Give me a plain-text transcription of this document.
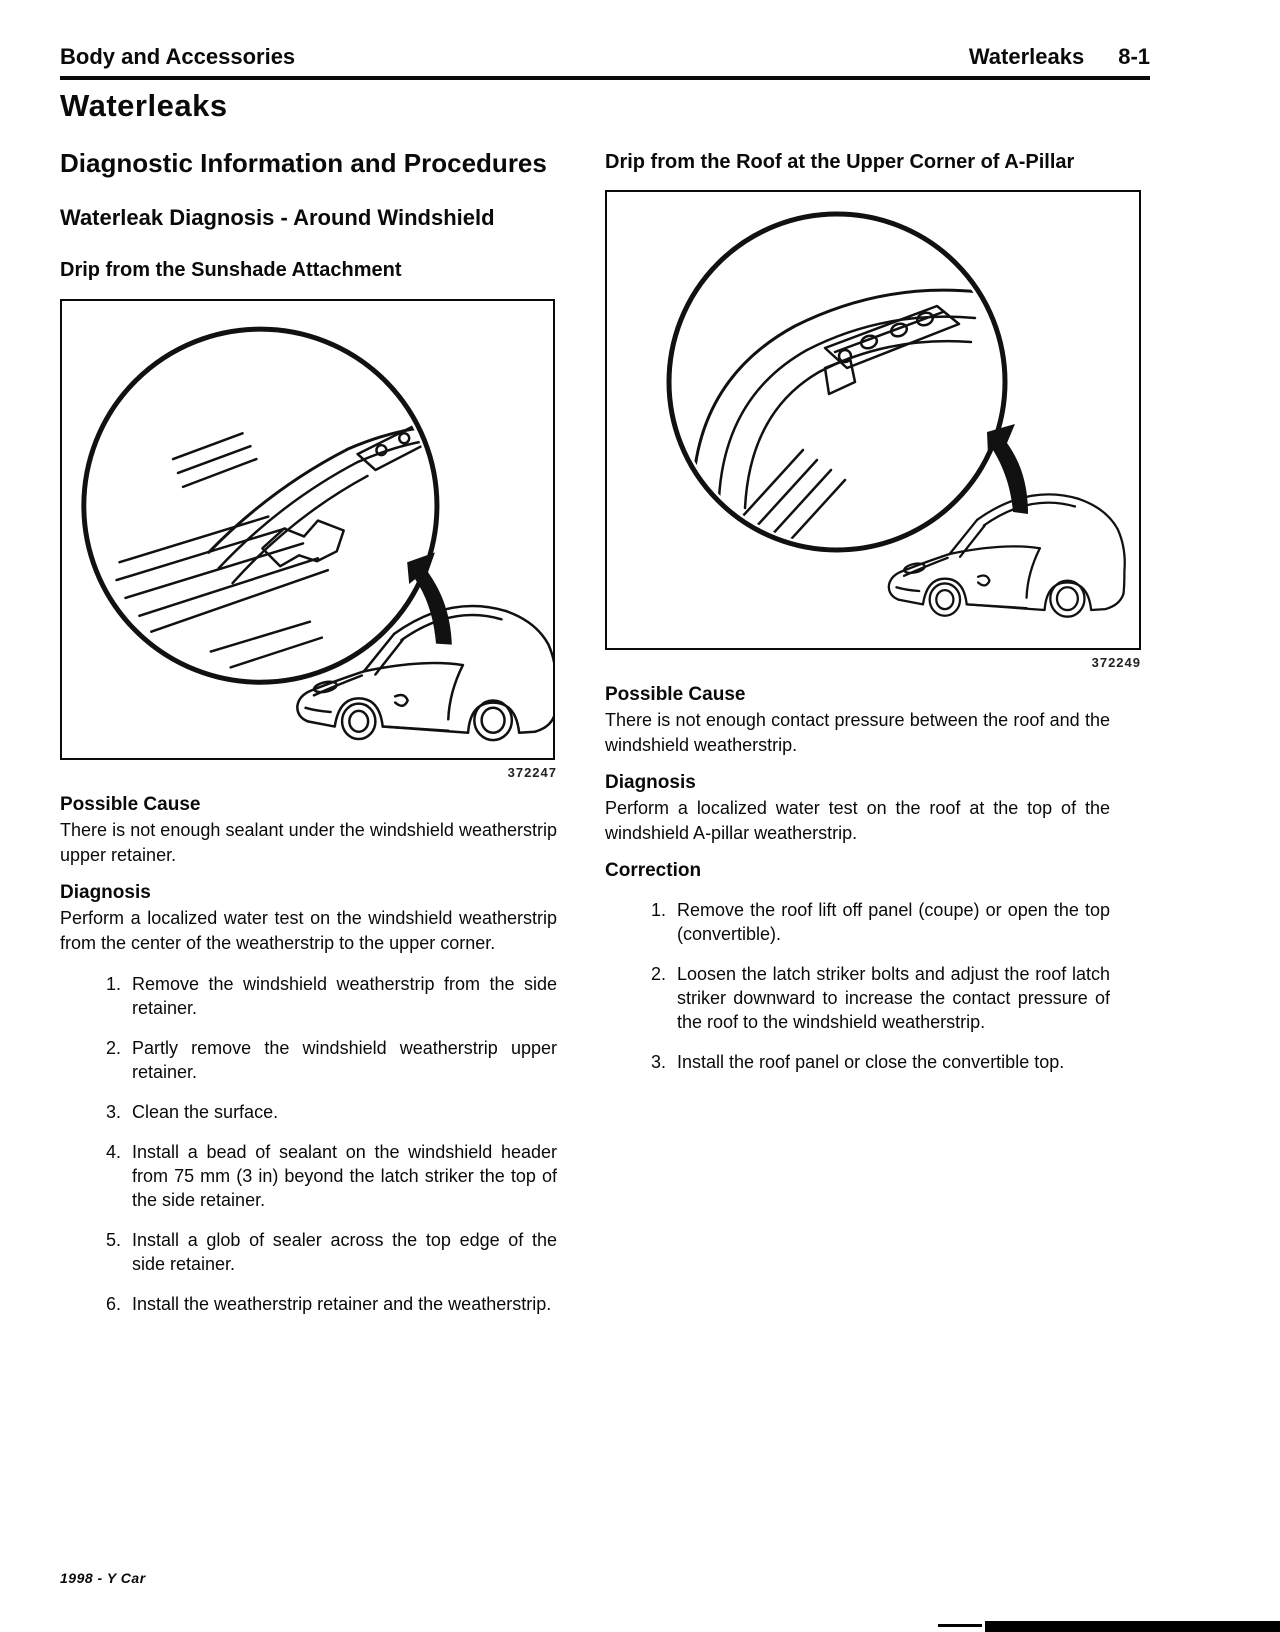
Body and Accessories	Waterleaks 8-1
Waterleaks
Diagnostic Information and Procedures
Waterleak Diagnosis - Around Windshield
Drip from the Sunshade Attachment
372247
Possible Cause

There is not enough sealant under the windshield weatherstrip upper retainer.

Diagnosis

Perform a localized water test on the windshield weatherstrip from the center of the weatherstrip to the upper corner.

1. Remove the windshield weatherstrip from the side retainer.
2. Partly remove the windshield weatherstrip upper retainer.
3. Clean the surface.
4. Install a bead of sealant on the windshield header from 75 mm (3 in) beyond the latch striker the top of the side retainer.
5. Install a glob of sealer across the top edge of the side retainer.
6. Install the weatherstrip retainer and the weatherstrip.
Drip from the Roof at the Upper Corner of A-Pillar
372249
Possible Cause

There is not enough contact pressure between the roof and the windshield weatherstrip.

Diagnosis

Perform a localized water test on the roof at the top of the windshield A-pillar weatherstrip.

Correction
1. Remove the roof lift off panel (coupe) or open the top (convertible).
2. Loosen the latch striker bolts and adjust the roof latch striker downward to increase the contact pressure of the roof to the windshield weatherstrip.
3. Install the roof panel or close the convertible top.
1998 - Y Car
